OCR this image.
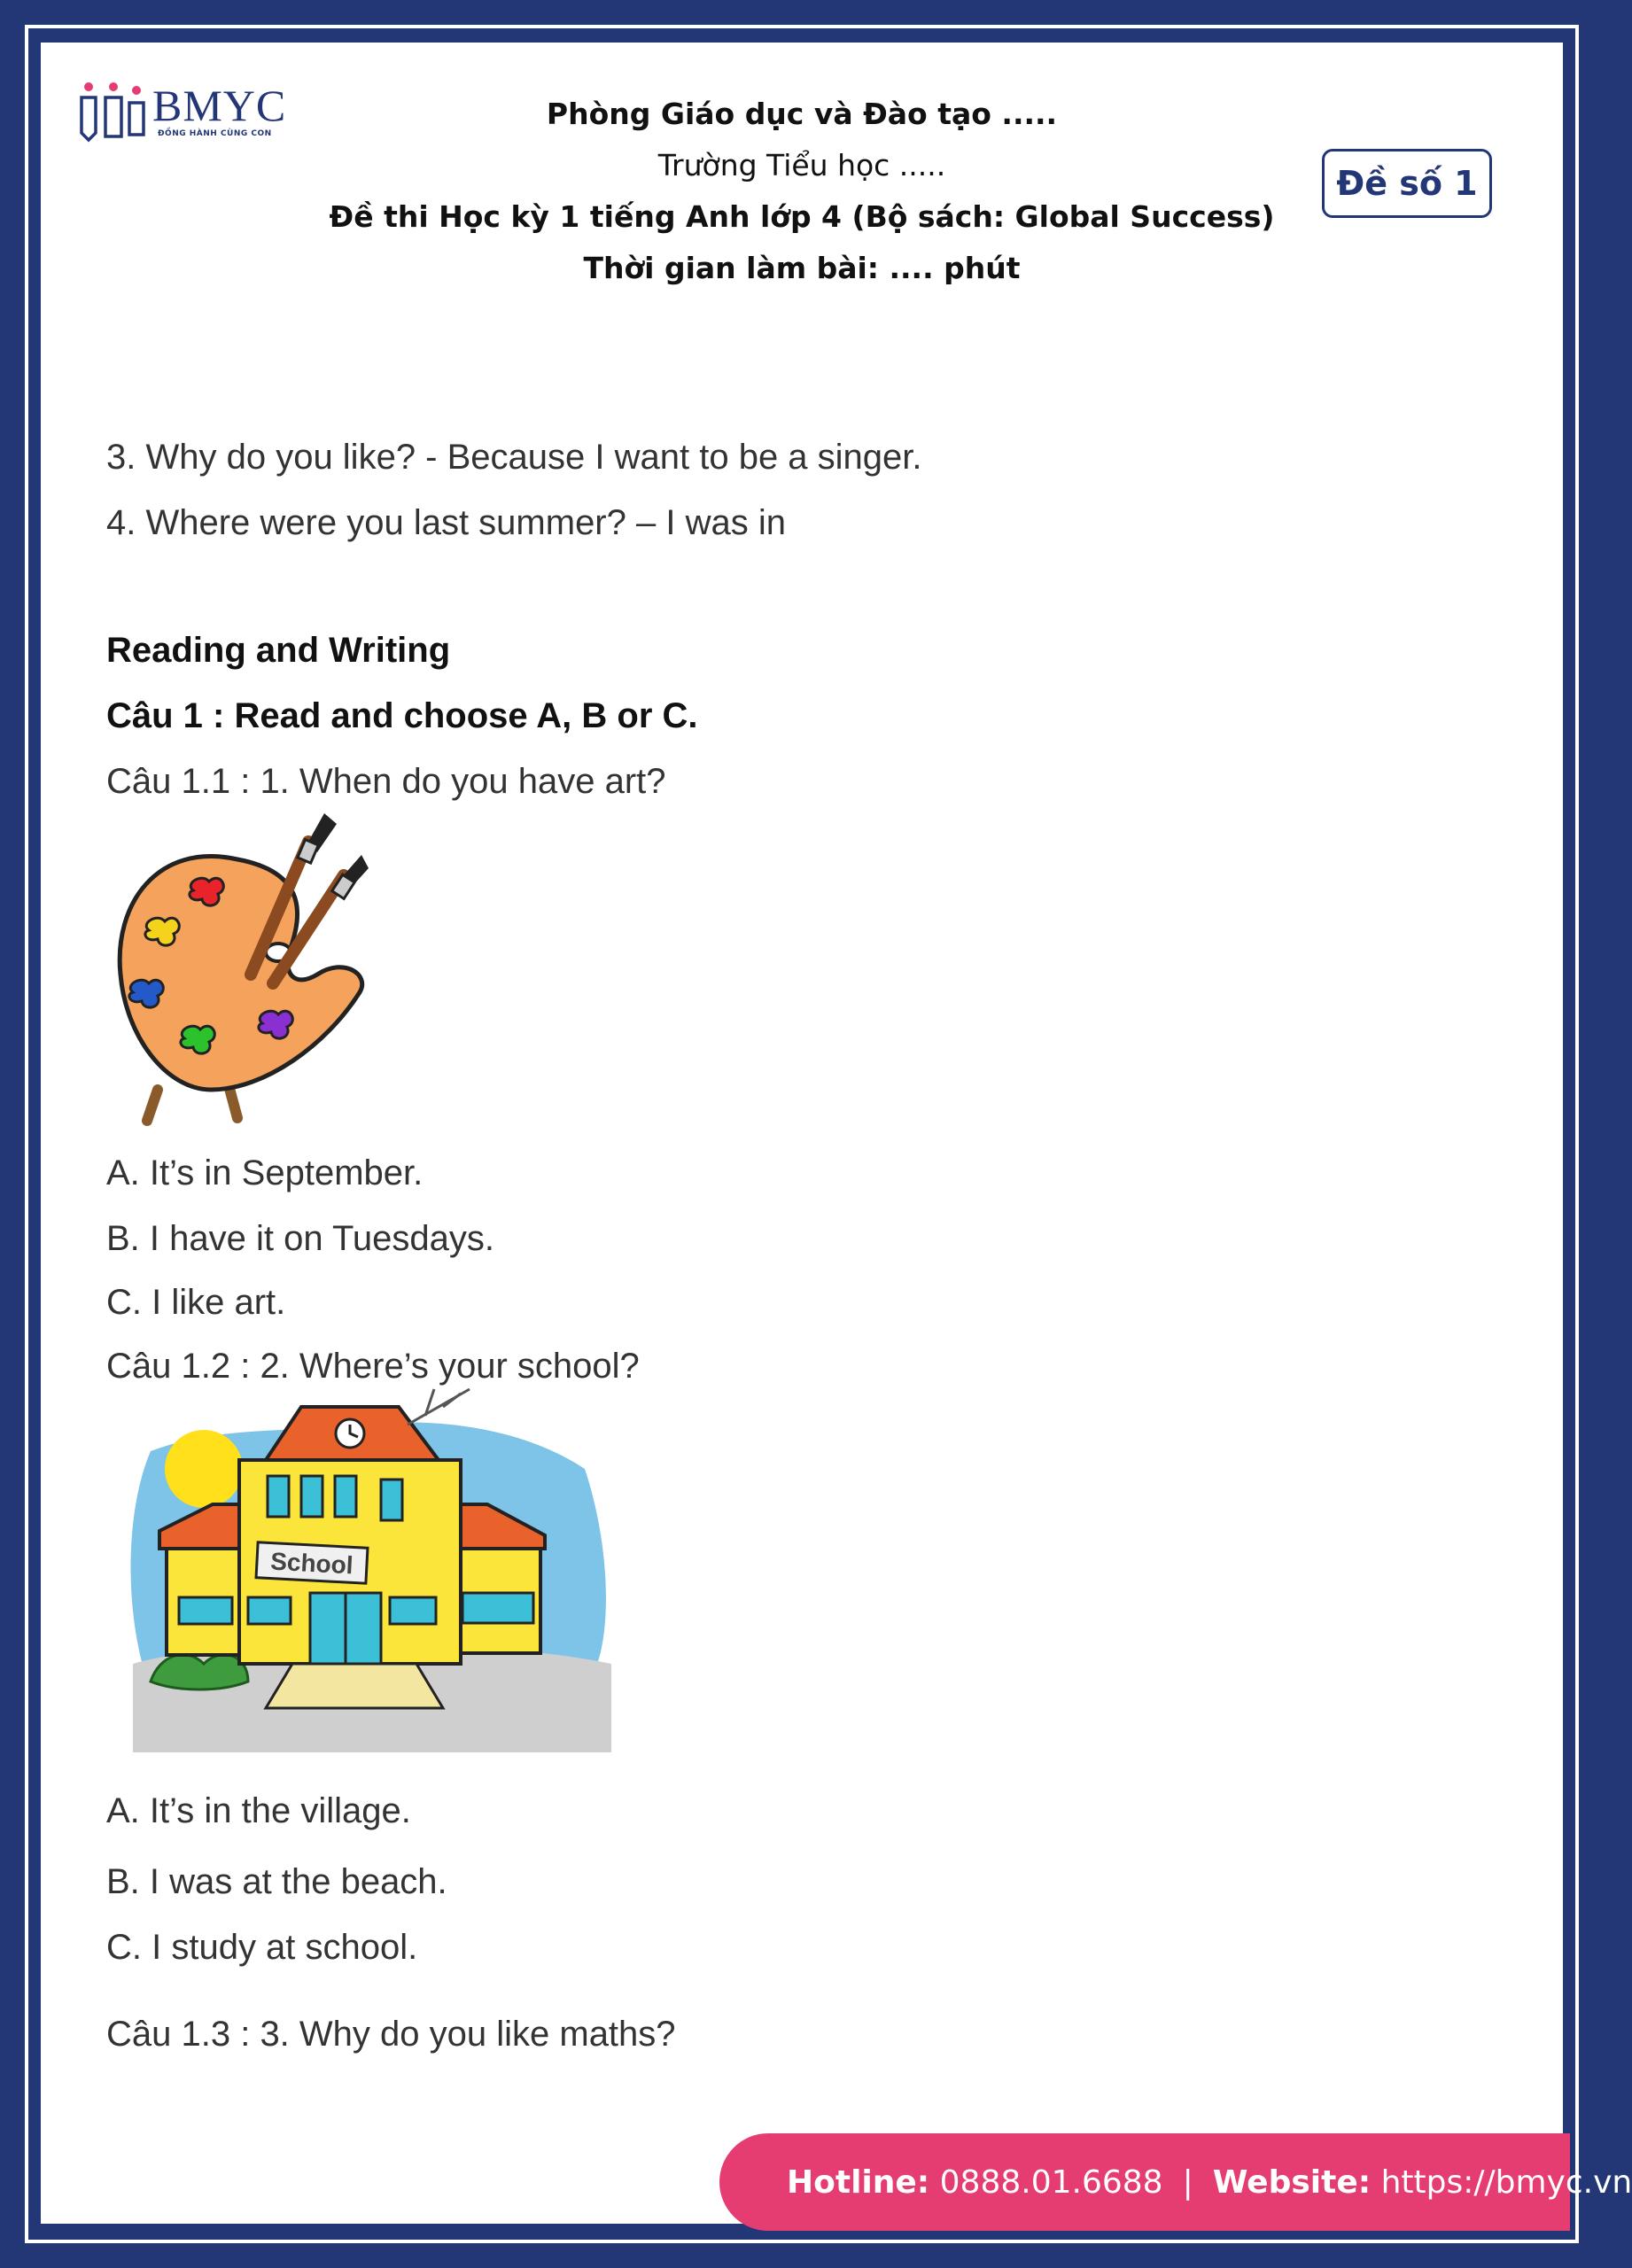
BMYC
ĐỒNG HÀNH CÙNG CON
Phòng Giáo dục và Đào tạo .....
Trường Tiểu học .....
Đề thi Học kỳ 1 tiếng Anh lớp 4 (Bộ sách: Global Success)
Thời gian làm bài: .... phút
Đề số 1
3. Why do you like? - Because I want to be a singer.
4. Where were you last summer? – I was in
Reading and Writing
Câu 1 : Read and choose A, B or C.
Câu 1.1 : 1. When do you have art?
A. It’s in September.
B. I have it on Tuesdays.
C. I like art.
Câu 1.2 : 2. Where’s your school?
School
A. It’s in the village.
B. I was at the beach.
C. I study at school.
Câu 1.3 : 3. Why do you like maths?
Hotline:
0888.01.6688 | Website:
https://bmyc.vn
